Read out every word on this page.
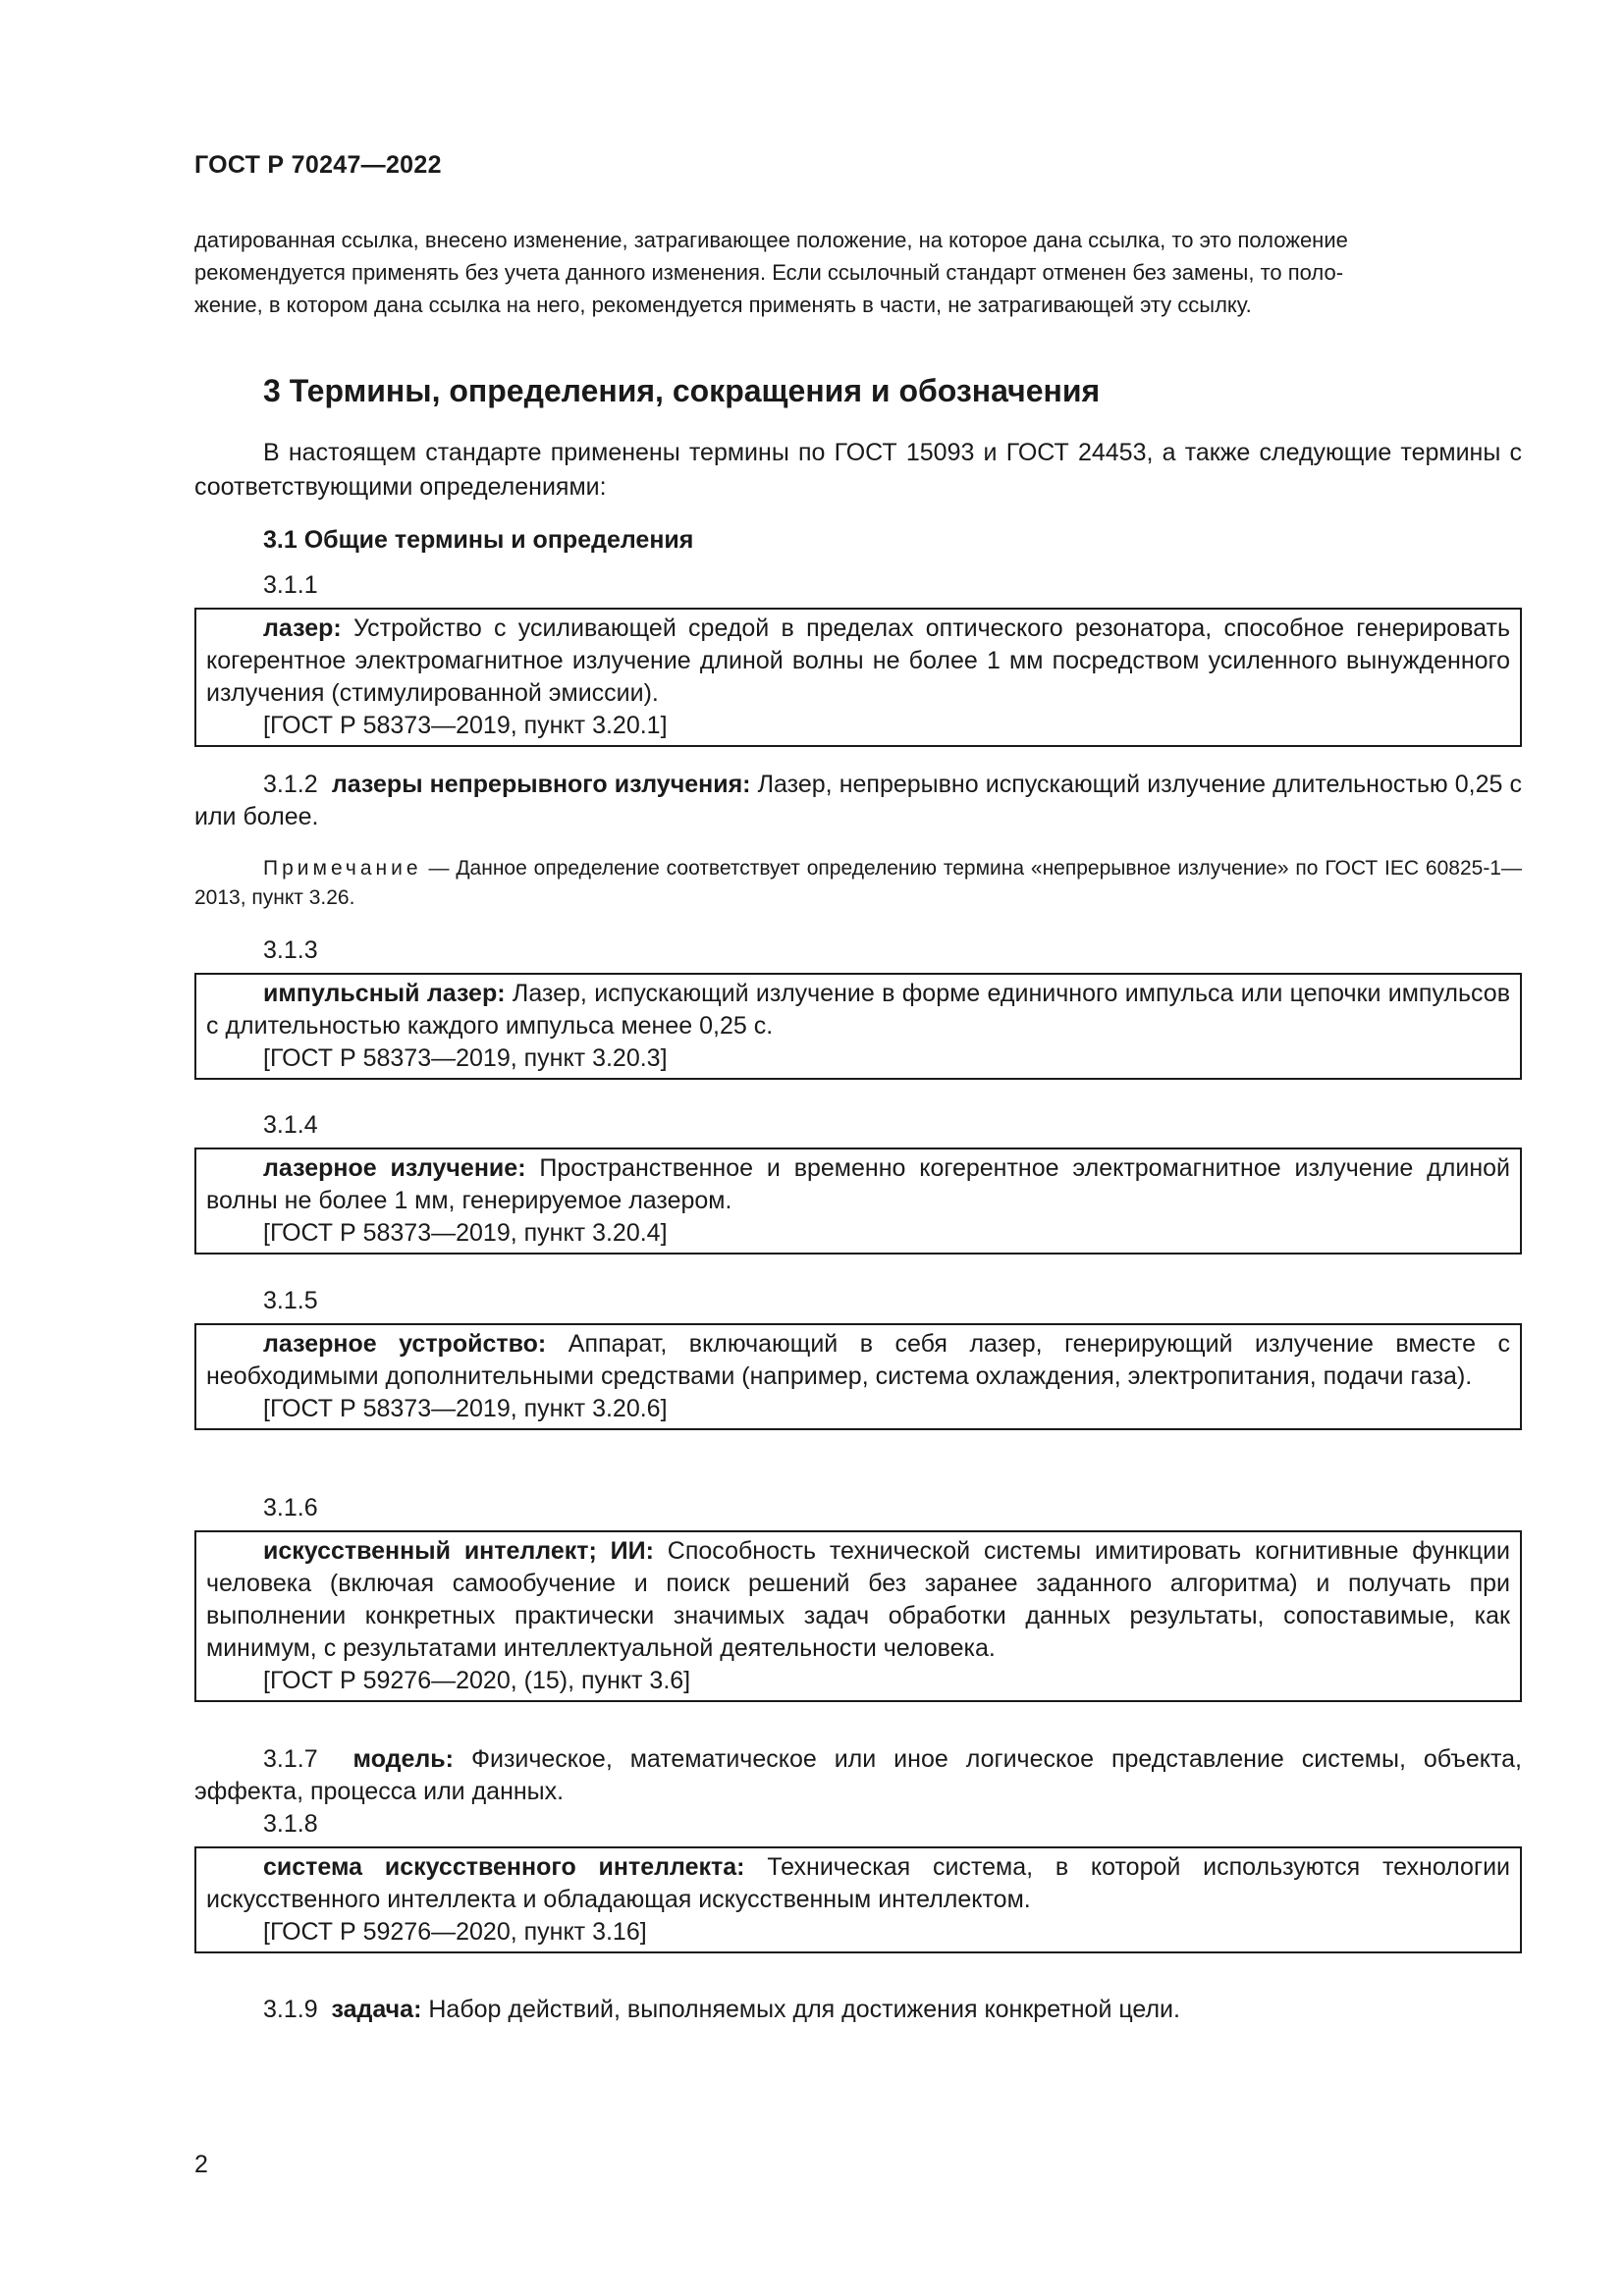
ГОСТ Р 70247—2022

датированная ссылка, внесено изменение, затрагивающее положение, на которое дана ссылка, то это положение

рекомендуется применять без учета данного изменения. Если ссылочный стандарт отменен без замены, то поло-

жение, в котором дана ссылка на него, рекомендуется применять в части, не затрагивающей эту ссылку.

3 Термины, определения, сокращения и обозначения

В настоящем стандарте применены термины по ГОСТ 15093 и ГОСТ 24453, а также следующие термины с соответствующими определениями:

3.1 Общие термины и определения
3.1.1

лазер: Устройство с усиливающей средой в пределах оптического резонатора, способное генерировать когерентное электромагнитное излучение длиной волны не более 1 мм посредством усиленного вынужденного излучения (стимулированной эмиссии).

[ГОСТ Р 58373—2019, пункт 3.20.1]

3.1.2 лазеры непрерывного излучения: Лазер, непрерывно испускающий излучение длительностью 0,25 с или более.

Примечание — Данное определение соответствует определению термина «непрерывное излучение» по ГОСТ IEC 60825-1—2013, пункт 3.26.

3.1.3

импульсный лазер: Лазер, испускающий излучение в форме единичного импульса или цепочки импульсов с длительностью каждого импульса менее 0,25 с.

[ГОСТ Р 58373—2019, пункт 3.20.3]
3.1.4

лазерное излучение: Пространственное и временно когерентное электромагнитное излучение длиной волны не более 1 мм, генерируемое лазером.

[ГОСТ Р 58373—2019, пункт 3.20.4]
3.1.5

лазерное устройство: Аппарат, включающий в себя лазер, генерирующий излучение вместе с необходимыми дополнительными средствами (например, система охлаждения, электропитания, подачи газа).

[ГОСТ Р 58373—2019, пункт 3.20.6]
3.1.6

искусственный интеллект; ИИ: Способность технической системы имитировать когнитивные функции человека (включая самообучение и поиск решений без заранее заданного алгоритма) и получать при выполнении конкретных практически значимых задач обработки данных результаты, сопоставимые, как минимум, с результатами интеллектуальной деятельности человека.

[ГОСТ Р 59276—2020, (15), пункт 3.6]

3.1.7 модель: Физическое, математическое или иное логическое представление системы, объекта, эффекта, процесса или данных.

3.1.8

система искусственного интеллекта: Техническая система, в которой используются технологии искусственного интеллекта и обладающая искусственным интеллектом.

[ГОСТ Р 59276—2020, пункт 3.16]

3.1.9 задача: Набор действий, выполняемых для достижения конкретной цели.

2
